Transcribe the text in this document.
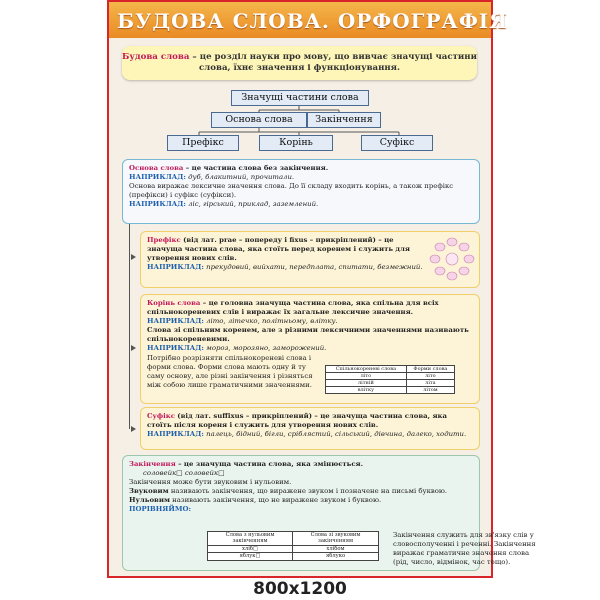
БУДОВА СЛОВА. ОРФОГРАФІЯ
Будова слова – це розділ науки про мову, що вивчає значущі частини слова, їхнє значення і функціонування.
Значущі частини слова
Основа слова	Закінчення
Префікс	Корінь	Суфікс
Основа слова – це частина слова без закінчення.
НАПРИКЛАД: дуб, блакитний, прочитали.
Основа виражає лексичне значення слова. До її складу входить корінь, а також префікс (префікси) і суфікс (суфікси).
НАПРИКЛАД: ліс, гірський, приклад, заземлений.
Префікс (від лат. prae – попереду і fixus – прикріплений) – це значуща частина слова, яка стоїть перед коренем і служить для утворення нових слів.
НАПРИКЛАД: прекудовий, вийхати, передплата, спитати, безмежний.
Корінь слова – це головна значуща частина слова, яка спільна для всіх спільнокореневих слів і виражає їх загальне лексичне значення.
НАПРИКЛАД: літо, літечко, політньому, влітку.
Слова зі спільним коренем, але з різними лексичними значеннями називають спільнокореневими.
НАПРИКЛАД: мороз, морозяно, заморожений.
Потрібно розрізняти спільнокореневі слова і форми слова. Форми слова мають одну й ту саму основу, але різні закінчення і різняться між собою лише граматичними значеннями.
Спільнокореневі слова	Форми слова
літо	літо
літній	літа
влітку	літом
Суфікс (від лат. suffixus – прикріплений) – це значуща частина слова, яка стоїть після кореня і служить для утворення нових слів.
НАПРИКЛАД: палець, бідний, бігли, сріблястий, сільський, дівчина, далеко, ходити.
Закінчення – це значуща частина слова, яка змінюється.
соловейк□ соловейк□
Закінчення може бути звуковим і нульовим.
Звуковим називають закінчення, що виражене звуком і позначене на письмі буквою.
Нульовим називають закінчення, що не виражене звуком і буквою.
ПОРІВНЯЙМО:
Слова з нульовим закінченням	Слова зі звуковим закінченням
хліб□	хлібом
яблук□	яблуко
Закінчення служить для зв'язку слів у словосполученні і реченні. Закінчення виражає граматичне значення слова (рід, число, відмінок, час тощо).
800x1200
